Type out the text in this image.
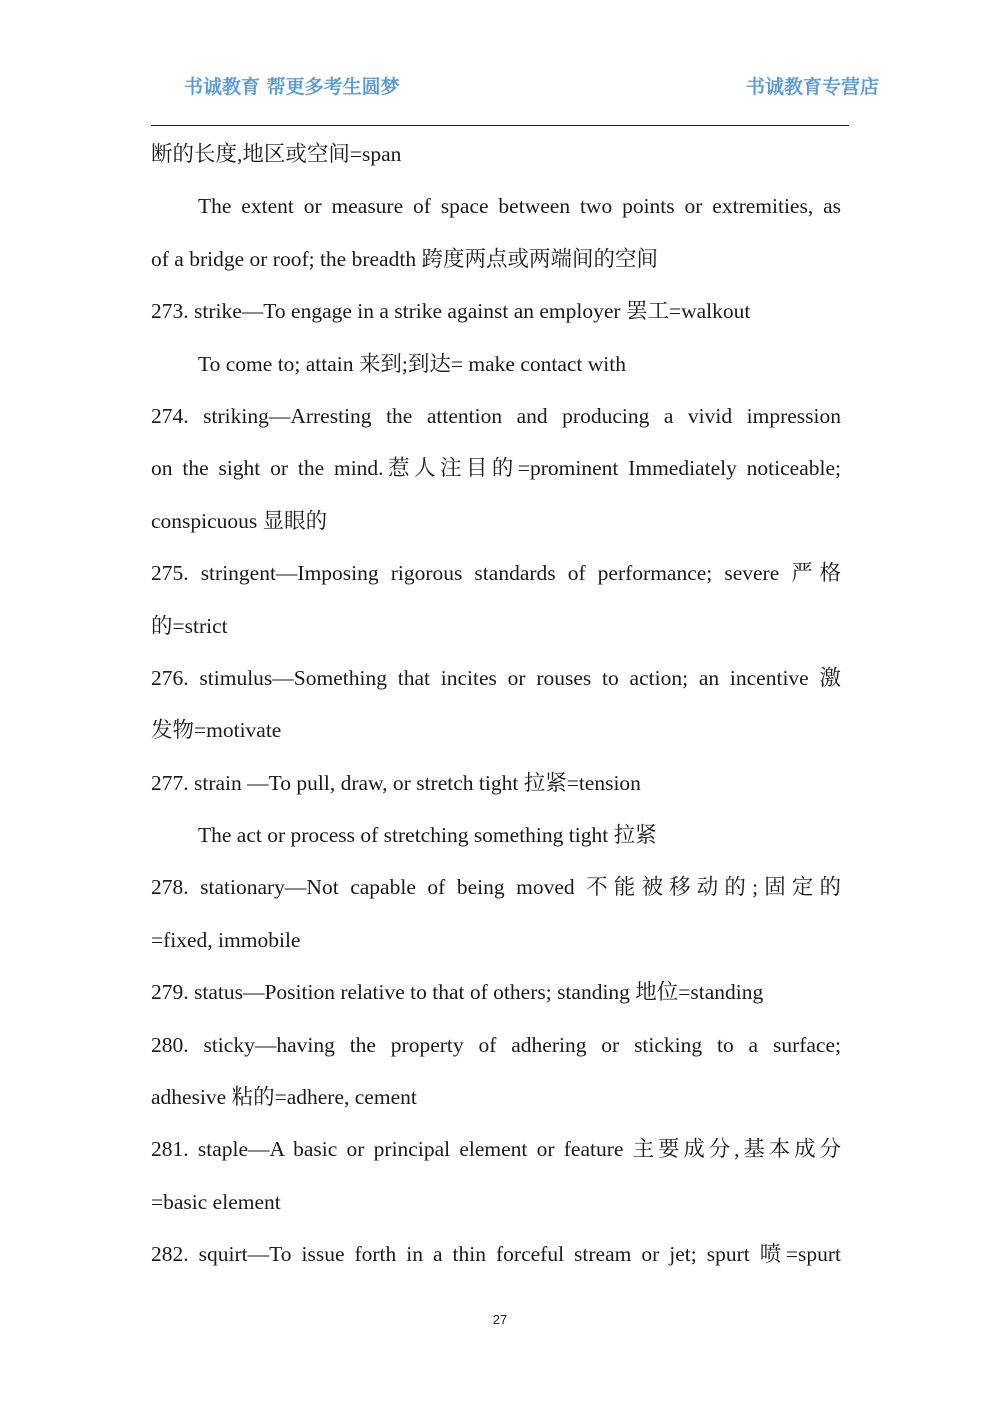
书诚教育 帮更多考生圆梦	书诚教育专营店
断的长度,地区或空间=span
The extent or measure of space between two points or extremities, as
of a bridge or roof; the breadth 跨度两点或两端间的空间
273. strike—To engage in a strike against an employer 罢工=walkout
To come to; attain 来到;到达= make contact with
274. striking—Arresting the attention and producing a vivid impression
on the sight or the mind.惹人注目的=prominent Immediately noticeable;
conspicuous 显眼的
275. stringent—Imposing rigorous standards of performance; severe 严格
的=strict
276. stimulus—Something that incites or rouses to action; an incentive 激
发物=motivate
277. strain —To pull, draw, or stretch tight 拉紧=tension
The act or process of stretching something tight 拉紧
278. stationary—Not capable of being moved 不能被移动的;固定的
=fixed, immobile
279. status—Position relative to that of others; standing 地位=standing
280. sticky—having the property of adhering or sticking to a surface;
adhesive 粘的=adhere, cement
281. staple—A basic or principal element or feature 主要成分,基本成分
=basic element
282. squirt—To issue forth in a thin forceful stream or jet; spurt 喷=spurt
27
